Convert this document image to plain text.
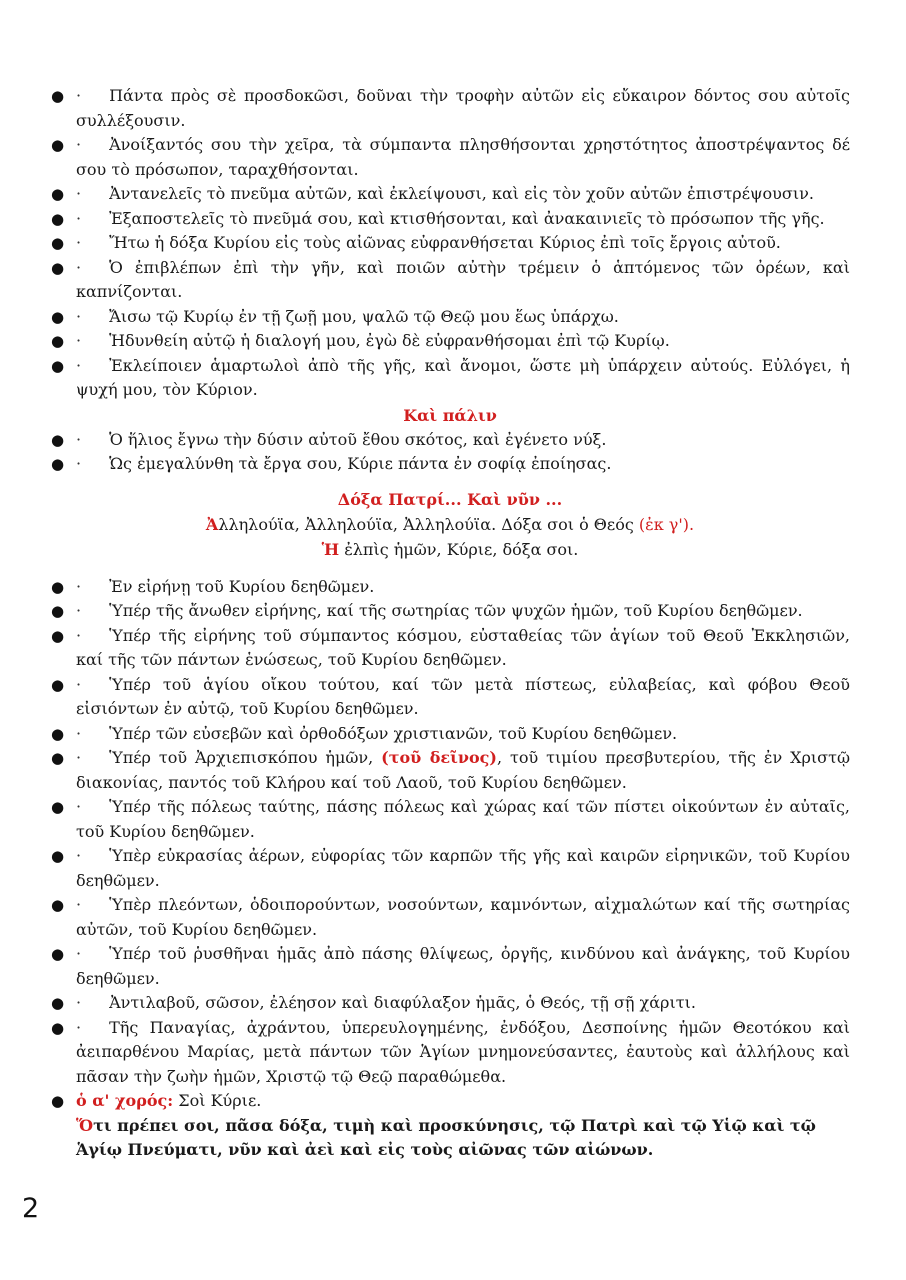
● · Πάντα πρὸς σὲ προσδοκῶσι, δοῦναι τὴν τροφὴν αὐτῶν εἰς εὔκαιρον δόντος σου αὐτοῖς συλλέξουσιν.
● · Ἀνοίξαντός σου τὴν χεῖρα, τὰ σύμπαντα πλησθήσονται χρηστότητος ἀποστρέψαντος δέ σου τὸ πρόσωπον, ταραχθήσονται.
● · Ἀντανελεῖς τὸ πνεῦμα αὐτῶν, καὶ ἐκλείψουσι, καὶ εἰς τὸν χοῦν αὐτῶν ἐπιστρέψουσιν.
● · Ἐξαποστελεῖς τὸ πνεῦμά σου, καὶ κτισθήσονται, καὶ ἀνακαινιεῖς τὸ πρόσωπον τῆς γῆς.
● · Ἤτω ἡ δόξα Κυρίου εἰς τοὺς αἰῶνας εὐφρανθήσεται Κύριος ἐπὶ τοῖς ἔργοις αὐτοῦ.
● · Ὁ ἐπιβλέπων ἐπὶ τὴν γῆν, καὶ ποιῶν αὐτὴν τρέμειν ὁ ἁπτόμενος τῶν ὀρέων, καὶ καπνίζονται.
● · Ἄισω τῷ Κυρίῳ ἐν τῇ ζωῇ μου, ψαλῶ τῷ Θεῷ μου ἕως ὑπάρχω.
● · Ἡδυνθείη αὐτῷ ἡ διαλογή μου, ἐγὼ δὲ εὐφρανθήσομαι ἐπὶ τῷ Κυρίῳ.
● · Ἐκλείποιεν ἁμαρτωλοὶ ἀπὸ τῆς γῆς, καὶ ἄνομοι, ὥστε μὴ ὑπάρχειν αὐτούς. Εὐλόγει, ἡ ψυχή μου, τὸν Κύριον.
Καὶ πάλιν
● · Ὁ ἥλιος ἔγνω τὴν δύσιν αὐτοῦ ἔθου σκότος, καὶ ἐγένετο νύξ.
● · Ὡς ἐμεγαλύνθη τὰ ἔργα σου, Κύριε πάντα ἐν σοφίᾳ ἐποίησας.
Δόξα Πατρί... Καὶ νῦν ...
Ἀλληλούϊα, Ἀλληλούϊα, Ἀλληλούϊα. Δόξα σοι ὁ Θεός (ἐκ γ').
Ἡ ἐλπὶς ἡμῶν, Κύριε, δόξα σοι.
● · Ἐν εἰρήνῃ τοῦ Κυρίου δεηθῶμεν.
● · Ὑπέρ τῆς ἄνωθεν εἰρήνης, καί τῆς σωτηρίας τῶν ψυχῶν ἡμῶν, τοῦ Κυρίου δεηθῶμεν.
● · Ὑπέρ τῆς εἰρήνης τοῦ σύμπαντος κόσμου, εὐσταθείας τῶν ἁγίων τοῦ Θεοῦ Ἐκκλησιῶν, καί τῆς τῶν πάντων ἑνώσεως, τοῦ Κυρίου δεηθῶμεν.
● · Ὑπέρ τοῦ ἁγίου οἴκου τούτου, καί τῶν μετὰ πίστεως, εὐλαβείας, καὶ φόβου Θεοῦ εἰσιόντων ἐν αὐτῷ, τοῦ Κυρίου δεηθῶμεν.
● · Ὑπέρ τῶν εὐσεβῶν καὶ ὀρθοδόξων χριστιανῶν, τοῦ Κυρίου δεηθῶμεν.
● · Ὑπέρ τοῦ Ἀρχιεπισκόπου ἡμῶν, (τοῦ δεῖνος), τοῦ τιμίου πρεσβυτερίου, τῆς ἐν Χριστῷ διακονίας, παντός τοῦ Κλήρου καί τοῦ Λαοῦ, τοῦ Κυρίου δεηθῶμεν.
● · Ὑπέρ τῆς πόλεως ταύτης, πάσης πόλεως καὶ χώρας καί τῶν πίστει οἰκούντων ἐν αὐταῖς, τοῦ Κυρίου δεηθῶμεν.
● · Ὑπὲρ εὐκρασίας ἀέρων, εὐφορίας τῶν καρπῶν τῆς γῆς καὶ καιρῶν εἰρηνικῶν, τοῦ Κυρίου δεηθῶμεν.
● · Ὑπὲρ πλεόντων, ὁδοιπορούντων, νοσούντων, καμνόντων, αἰχμαλώτων καί τῆς σωτηρίας αὐτῶν, τοῦ Κυρίου δεηθῶμεν.
● · Ὑπέρ τοῦ ῥυσθῆναι ἡμᾶς ἀπὸ πάσης θλίψεως, ὀργῆς, κινδύνου καὶ ἀνάγκης, τοῦ Κυρίου δεηθῶμεν.
● · Ἀντιλαβοῦ, σῶσον, ἐλέησον καὶ διαφύλαξον ἡμᾶς, ὁ Θεός, τῇ σῇ χάριτι.
● · Τῆς Παναγίας, ἀχράντου, ὑπερευλογημένης, ἐνδόξου, Δεσποίνης ἡμῶν Θεοτόκου καὶ ἀειπαρθένου Μαρίας, μετὰ πάντων τῶν Ἁγίων μνημονεύσαντες, ἑαυτοὺς καὶ ἀλλήλους καὶ πᾶσαν τὴν ζωὴν ἡμῶν, Χριστῷ τῷ Θεῷ παραθώμεθα.
● ὁ α' χορός: Σοὶ Κύριε.
Ὅτι πρέπει σοι, πᾶσα δόξα, τιμὴ καὶ προσκύνησις, τῷ Πατρὶ καὶ τῷ Υἱῷ καὶ τῷ Ἁγίῳ Πνεύματι, νῦν καὶ ἀεὶ καὶ εἰς τοὺς αἰῶνας τῶν αἰώνων.
2
